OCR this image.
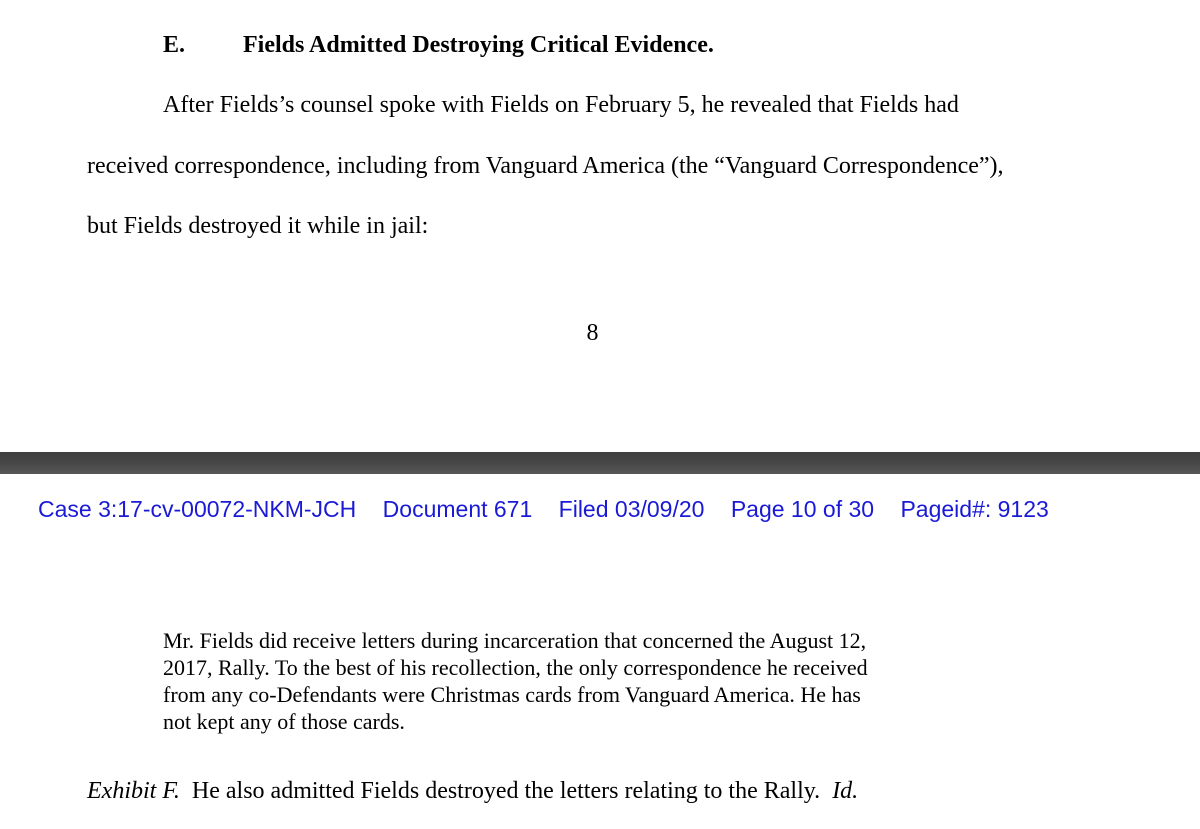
E. Fields Admitted Destroying Critical Evidence.
After Fields’s counsel spoke with Fields on February 5, he revealed that Fields had
received correspondence, including from Vanguard America (the “Vanguard Correspondence”),
but Fields destroyed it while in jail:
8
Case 3:17-cv-00072-NKM-JCH Document 671 Filed 03/09/20 Page 10 of 30 Pageid#: 9123
Mr. Fields did receive letters during incarceration that concerned the August 12,
2017, Rally. To the best of his recollection, the only correspondence he received
from any co-Defendants were Christmas cards from Vanguard America. He has
not kept any of those cards.
Exhibit F.  He also admitted Fields destroyed the letters relating to the Rally.  Id.
